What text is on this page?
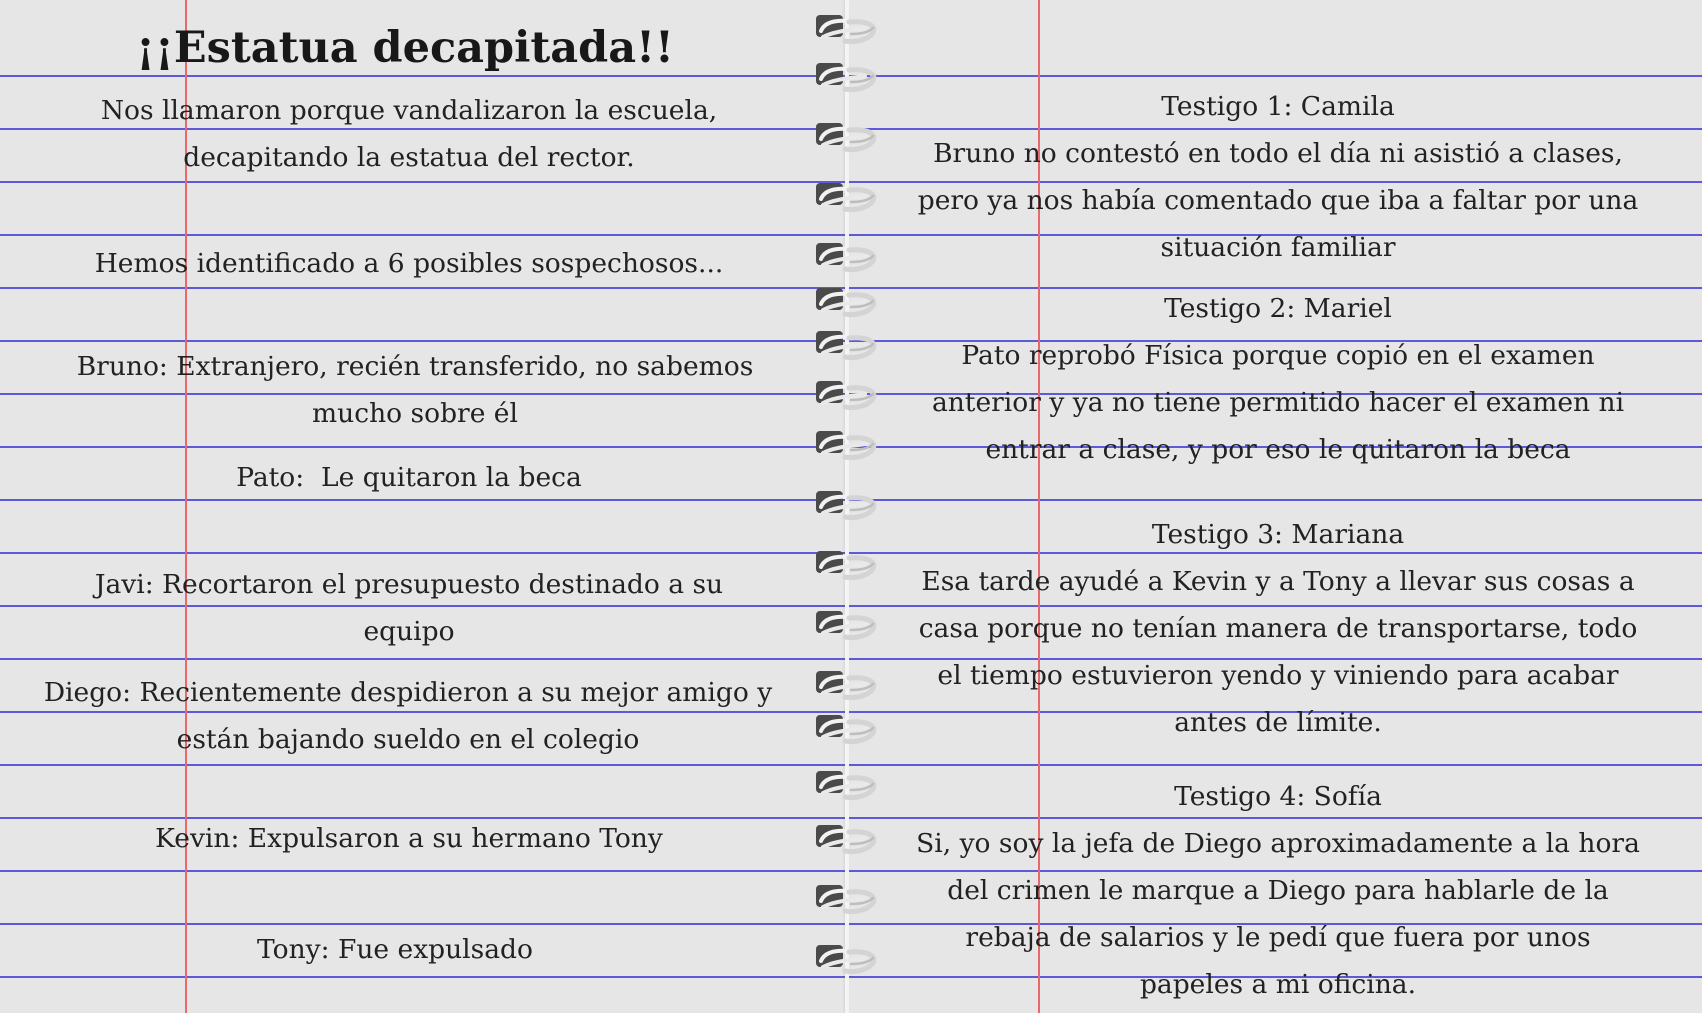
¡¡Estatua decapitada!!
Nos llamaron porque vandalizaron la escuela,
decapitando la estatua del rector.
Hemos identificado a 6 posibles sospechosos...
Bruno: Extranjero, recién transferido, no sabemos
mucho sobre él
Pato:  Le quitaron la beca
Javi: Recortaron el presupuesto destinado a su
equipo
Diego: Recientemente despidieron a su mejor amigo y
están bajando sueldo en el colegio
Kevin: Expulsaron a su hermano Tony
Tony: Fue expulsado
Testigo 1: Camila
Bruno no contestó en todo el día ni asistió a clases,
pero ya nos había comentado que iba a faltar por una
situación familiar
Testigo 2: Mariel
Pato reprobó Física porque copió en el examen
anterior y ya no tiene permitido hacer el examen ni
entrar a clase, y por eso le quitaron la beca
Testigo 3: Mariana
Esa tarde ayudé a Kevin y a Tony a llevar sus cosas a
casa porque no tenían manera de transportarse, todo
el tiempo estuvieron yendo y viniendo para acabar
antes de límite.
Testigo 4: Sofía
Si, yo soy la jefa de Diego aproximadamente a la hora
del crimen le marque a Diego para hablarle de la
rebaja de salarios y le pedí que fuera por unos
papeles a mi oficina.
